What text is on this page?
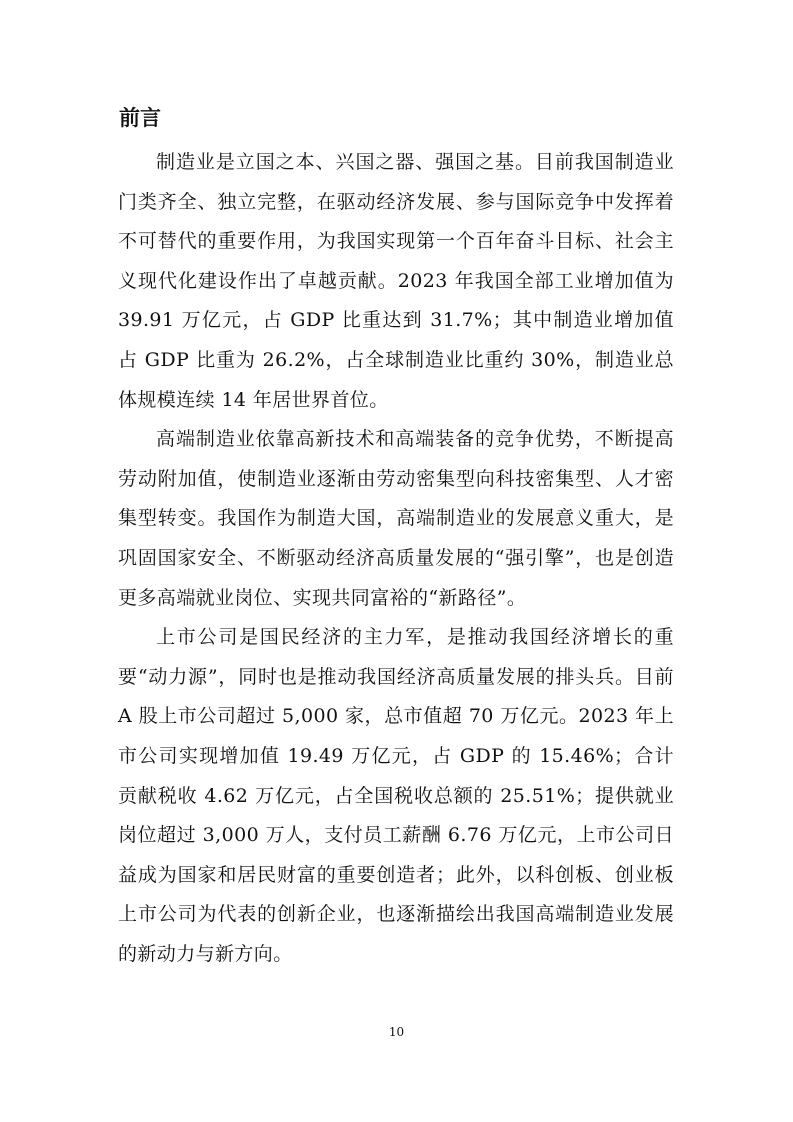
前言

制造业是立国之本、兴国之器、强国之基。目前我国制造业门类齐全、独立完整，在驱动经济发展、参与国际竞争中发挥着不可替代的重要作用，为我国实现第一个百年奋斗目标、社会主义现代化建设作出了卓越贡献。2023 年我国全部工业增加值为 39.91 万亿元，占 GDP 比重达到 31.7%；其中制造业增加值占 GDP 比重为 26.2%，占全球制造业比重约 30%，制造业总体规模连续 14 年居世界首位。

高端制造业依靠高新技术和高端装备的竞争优势，不断提高劳动附加值，使制造业逐渐由劳动密集型向科技密集型、人才密集型转变。我国作为制造大国，高端制造业的发展意义重大，是巩固国家安全、不断驱动经济高质量发展的“强引擎”，也是创造更多高端就业岗位、实现共同富裕的“新路径”。

上市公司是国民经济的主力军，是推动我国经济增长的重要“动力源”，同时也是推动我国经济高质量发展的排头兵。目前 A 股上市公司超过 5,000 家，总市值超 70 万亿元。2023 年上市公司实现增加值 19.49 万亿元，占 GDP 的 15.46%；合计贡献税收 4.62 万亿元，占全国税收总额的 25.51%；提供就业岗位超过 3,000 万人，支付员工薪酬 6.76 万亿元，上市公司日益成为国家和居民财富的重要创造者；此外，以科创板、创业板上市公司为代表的创新企业，也逐渐描绘出我国高端制造业发展的新动力与新方向。

10
